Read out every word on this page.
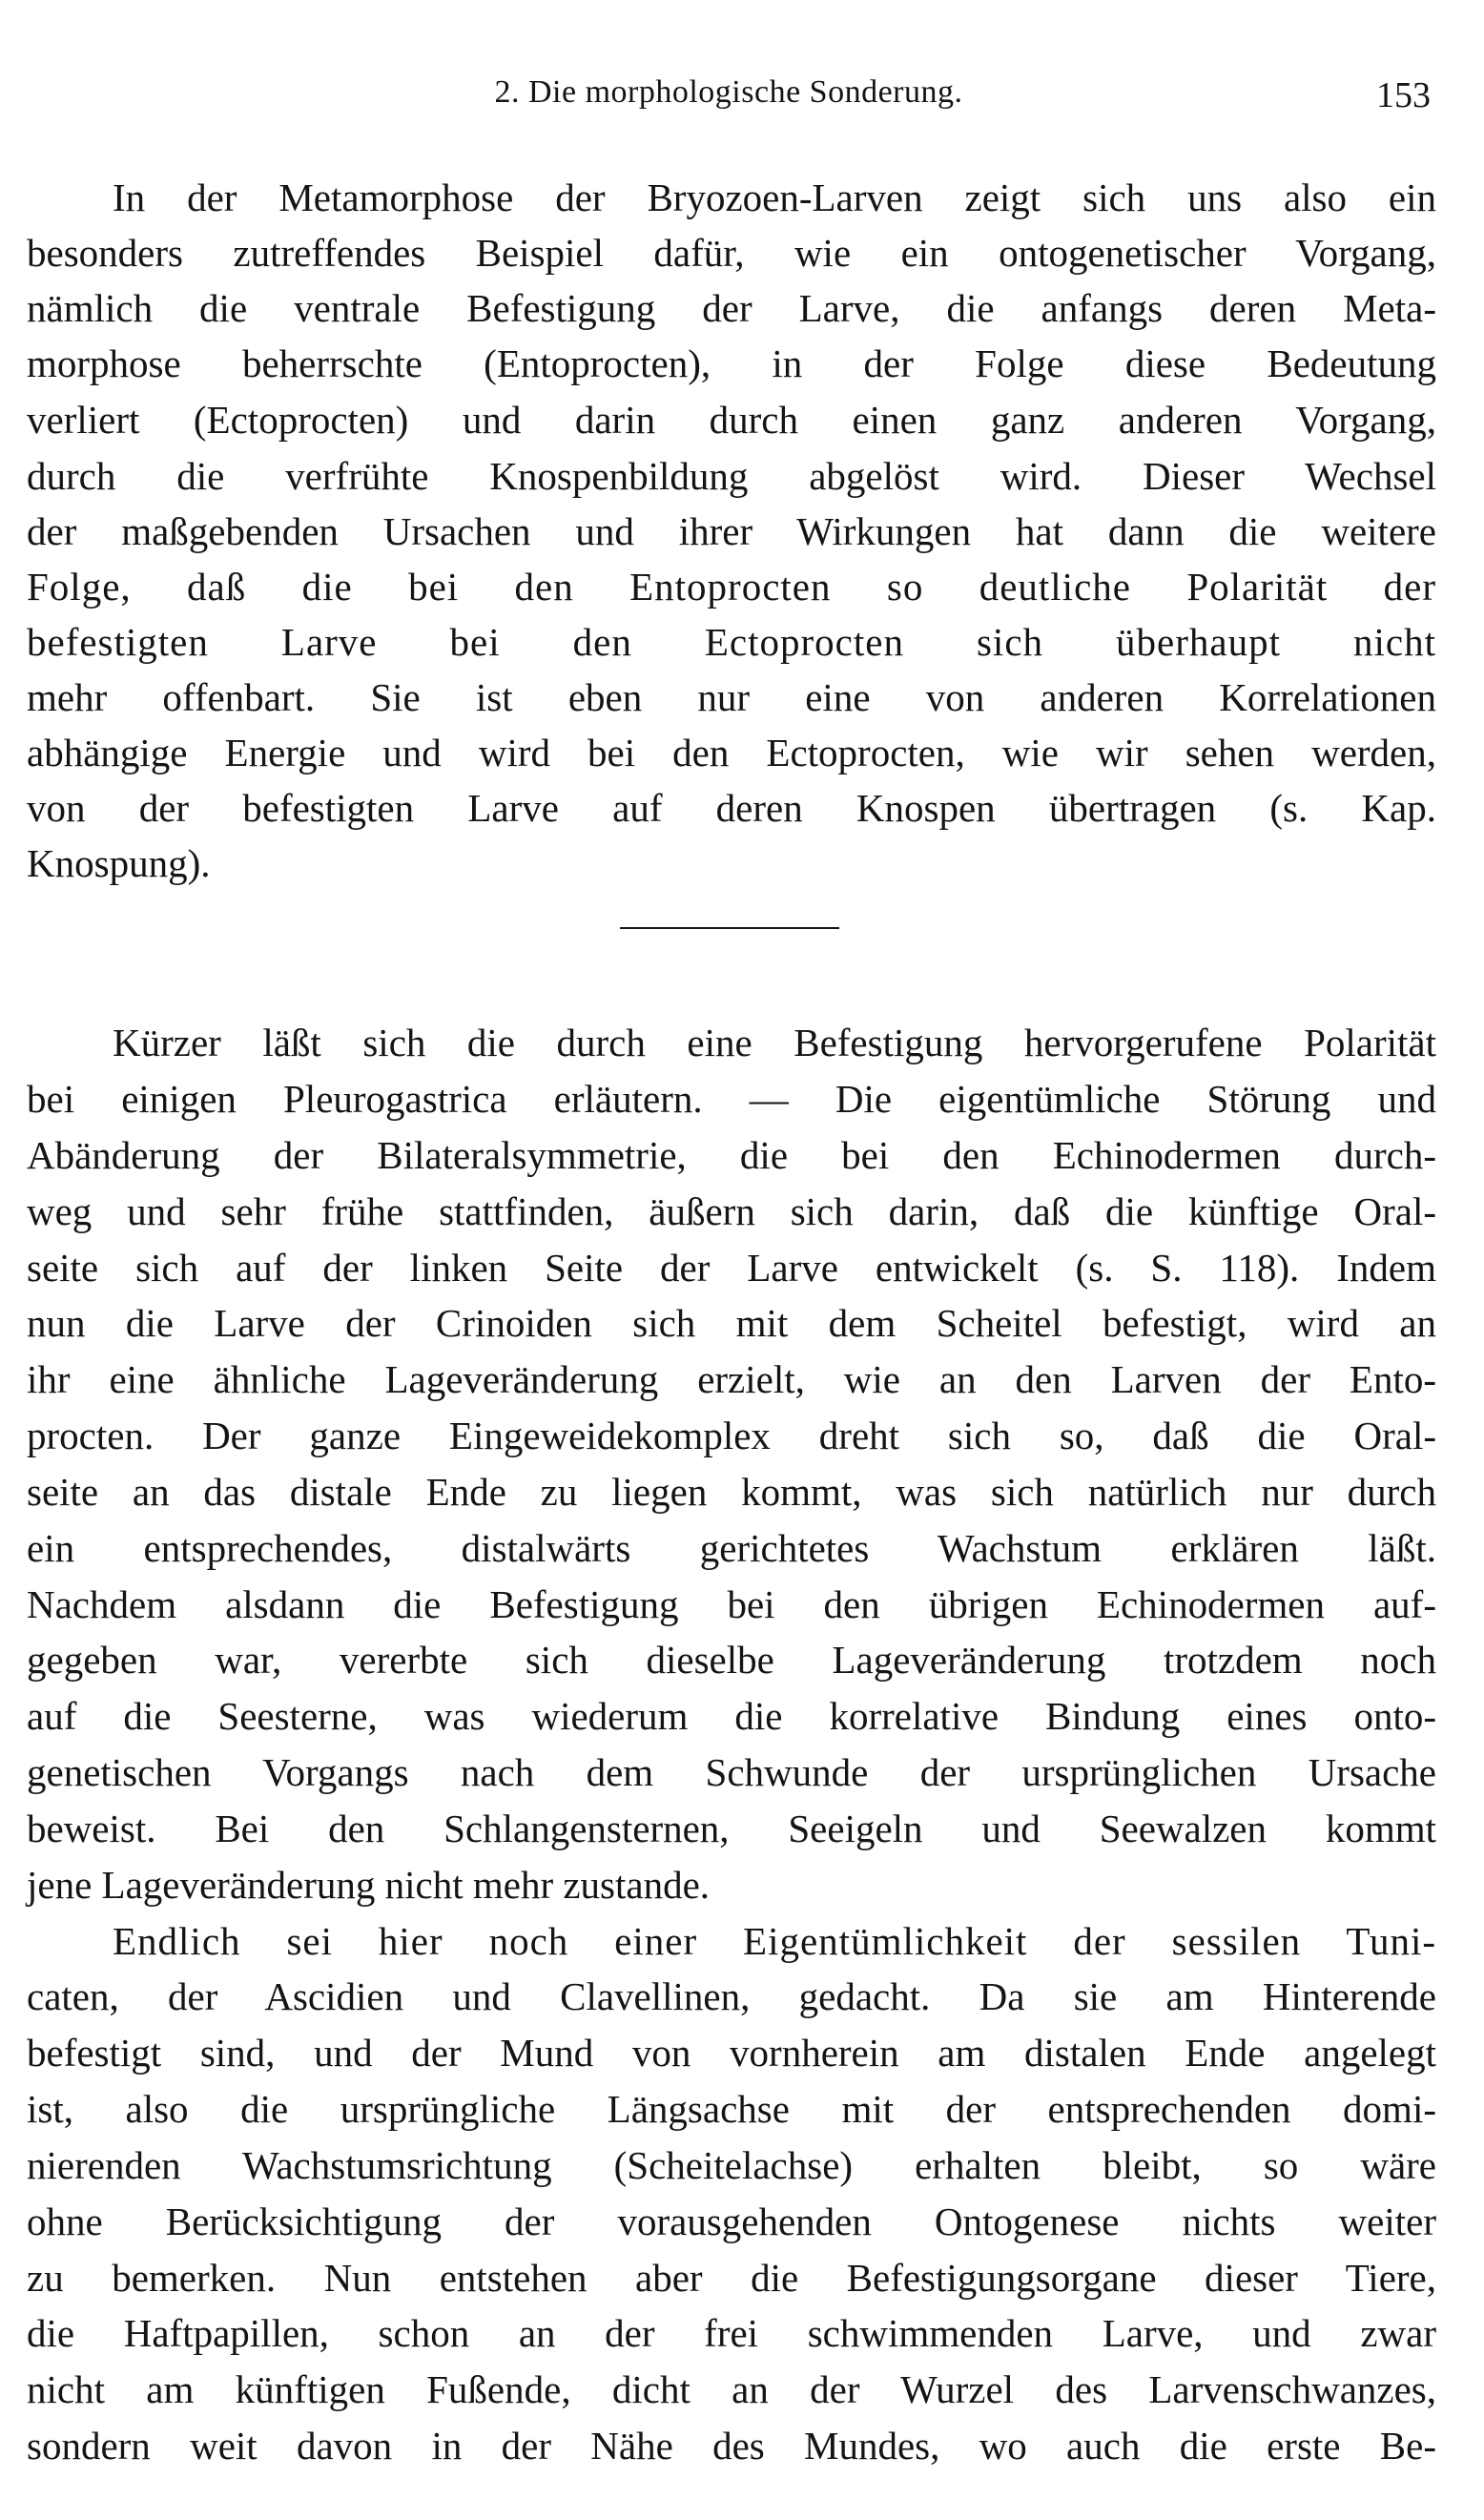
2. Die morphologische Sonderung.	153
In der Metamorphose der Bryozoen-Larven zeigt sich uns also ein
besonders zutreffendes Beispiel dafür, wie ein ontogenetischer Vorgang,
nämlich die ventrale Befestigung der Larve, die anfangs deren Meta-
morphose beherrschte (Entoprocten), in der Folge diese Bedeutung
verliert (Ectoprocten) und darin durch einen ganz anderen Vorgang,
durch die verfrühte Knospenbildung abgelöst wird. Dieser Wechsel
der maßgebenden Ursachen und ihrer Wirkungen hat dann die weitere
Folge, daß die bei den Entoprocten so deutliche Polarität der
befestigten Larve bei den Ectoprocten sich überhaupt nicht
mehr offenbart. Sie ist eben nur eine von anderen Korrelationen
abhängige Energie und wird bei den Ectoprocten, wie wir sehen werden,
von der befestigten Larve auf deren Knospen übertragen (s. Kap.
Knospung).
Kürzer läßt sich die durch eine Befestigung hervorgerufene Polarität
bei einigen Pleurogastrica erläutern. — Die eigentümliche Störung und
Abänderung der Bilateralsymmetrie, die bei den Echinodermen durch-
weg und sehr frühe stattfinden, äußern sich darin, daß die künftige Oral-
seite sich auf der linken Seite der Larve entwickelt (s. S. 118). Indem
nun die Larve der Crinoiden sich mit dem Scheitel befestigt, wird an
ihr eine ähnliche Lageveränderung erzielt, wie an den Larven der Ento-
procten. Der ganze Eingeweidekomplex dreht sich so, daß die Oral-
seite an das distale Ende zu liegen kommt, was sich natürlich nur durch
ein entsprechendes, distalwärts gerichtetes Wachstum erklären läßt.
Nachdem alsdann die Befestigung bei den übrigen Echinodermen auf-
gegeben war, vererbte sich dieselbe Lageveränderung trotzdem noch
auf die Seesterne, was wiederum die korrelative Bindung eines onto-
genetischen Vorgangs nach dem Schwunde der ursprünglichen Ursache
beweist. Bei den Schlangensternen, Seeigeln und Seewalzen kommt
jene Lageveränderung nicht mehr zustande.
Endlich sei hier noch einer Eigentümlichkeit der sessilen Tuni-
caten, der Ascidien und Clavellinen, gedacht. Da sie am Hinterende
befestigt sind, und der Mund von vornherein am distalen Ende angelegt
ist, also die ursprüngliche Längsachse mit der entsprechenden domi-
nierenden Wachstumsrichtung (Scheitelachse) erhalten bleibt, so wäre
ohne Berücksichtigung der vorausgehenden Ontogenese nichts weiter
zu bemerken. Nun entstehen aber die Befestigungsorgane dieser Tiere,
die Haftpapillen, schon an der frei schwimmenden Larve, und zwar
nicht am künftigen Fußende, dicht an der Wurzel des Larvenschwanzes,
sondern weit davon in der Nähe des Mundes, wo auch die erste Be-
